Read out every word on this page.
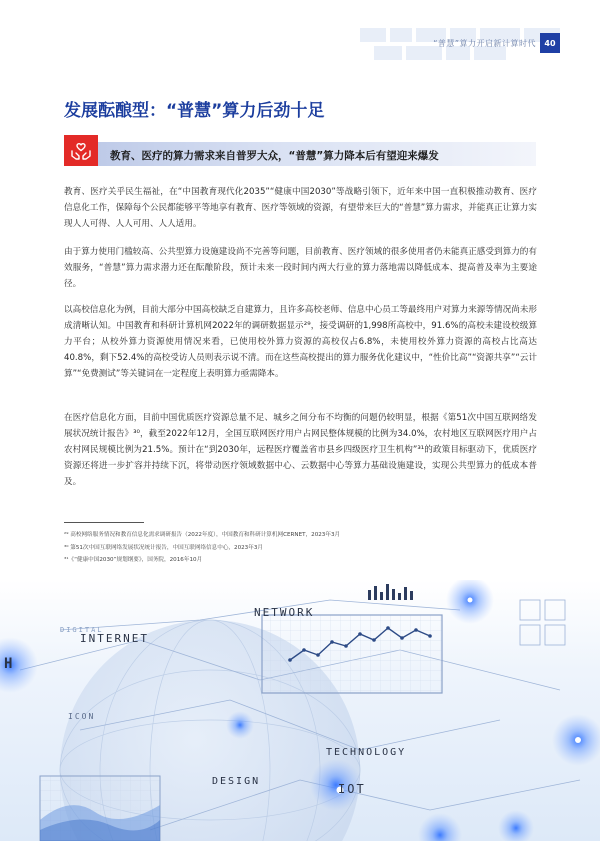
“普慧”算力开启新计算时代	40
发展酝酿型：“普慧”算力后劲十足
教育、医疗的算力需求来自普罗大众，“普慧”算力降本后有望迎来爆发

教育、医疗关乎民生福祉，在“中国教育现代化2035”“健康中国2030”等战略引领下，近年来中国一直积极推动教育、医疗信息化工作，保障每个公民都能够平等地享有教育、医疗等领域的资源，有望带来巨大的“普慧”算力需求，并能真正让算力实现人人可得、人人可用、人人适用。

由于算力使用门槛较高、公共型算力设施建设尚不完善等问题，目前教育、医疗领域的很多使用者仍未能真正感受到算力的有效服务，“普慧”算力需求潜力还在酝酿阶段，预计未来一段时间内两大行业的算力落地需以降低成本、提高普及率为主要途径。

以高校信息化为例，目前大部分中国高校缺乏自建算力，且许多高校老师、信息中心员工等最终用户对算力来源等情况尚未形成清晰认知。中国教育和科研计算机网2022年的调研数据显示²⁹，接受调研的1,998所高校中，91.6%的高校未建设校级算力平台；从校外算力资源使用情况来看，已使用校外算力资源的高校仅占6.8%，未使用校外算力资源的高校占比高达40.8%，剩下52.4%的高校受访人员则表示说不清。而在这些高校提出的算力服务优化建议中，“性价比高”“资源共享”“云计算”“免费测试”等关键词在一定程度上表明算力亟需降本。

在医疗信息化方面，目前中国优质医疗资源总量不足、城乡之间分布不均衡的问题仍较明显，根据《第51次中国互联网络发展状况统计报告》³⁰，截至2022年12月，全国互联网医疗用户占网民整体规模的比例为34.0%，农村地区互联网医疗用户占农村网民规模比例为21.5%。预计在“到2030年，远程医疗覆盖省市县乡四级医疗卫生机构”³¹的政策目标驱动下，优质医疗资源还将进一步扩容并持续下沉，将带动医疗领域数据中心、云数据中心等算力基础设施建设，实现公共型算力的低成本普及。

²⁹ 高校网络服务情况和教育信息化需求调研报告（2022年度），中国教育和科研计算机网CERNET，2023年3月

³⁰ 第51次中国互联网络发展状况统计报告，中国互联网络信息中心，2023年3月

³¹《“健康中国2030”规划纲要》，国务院，2016年10月

NETWORK
INTERNET
DIGITAL
ICON
TECHNOLOGY
DESIGN
IOT
H
